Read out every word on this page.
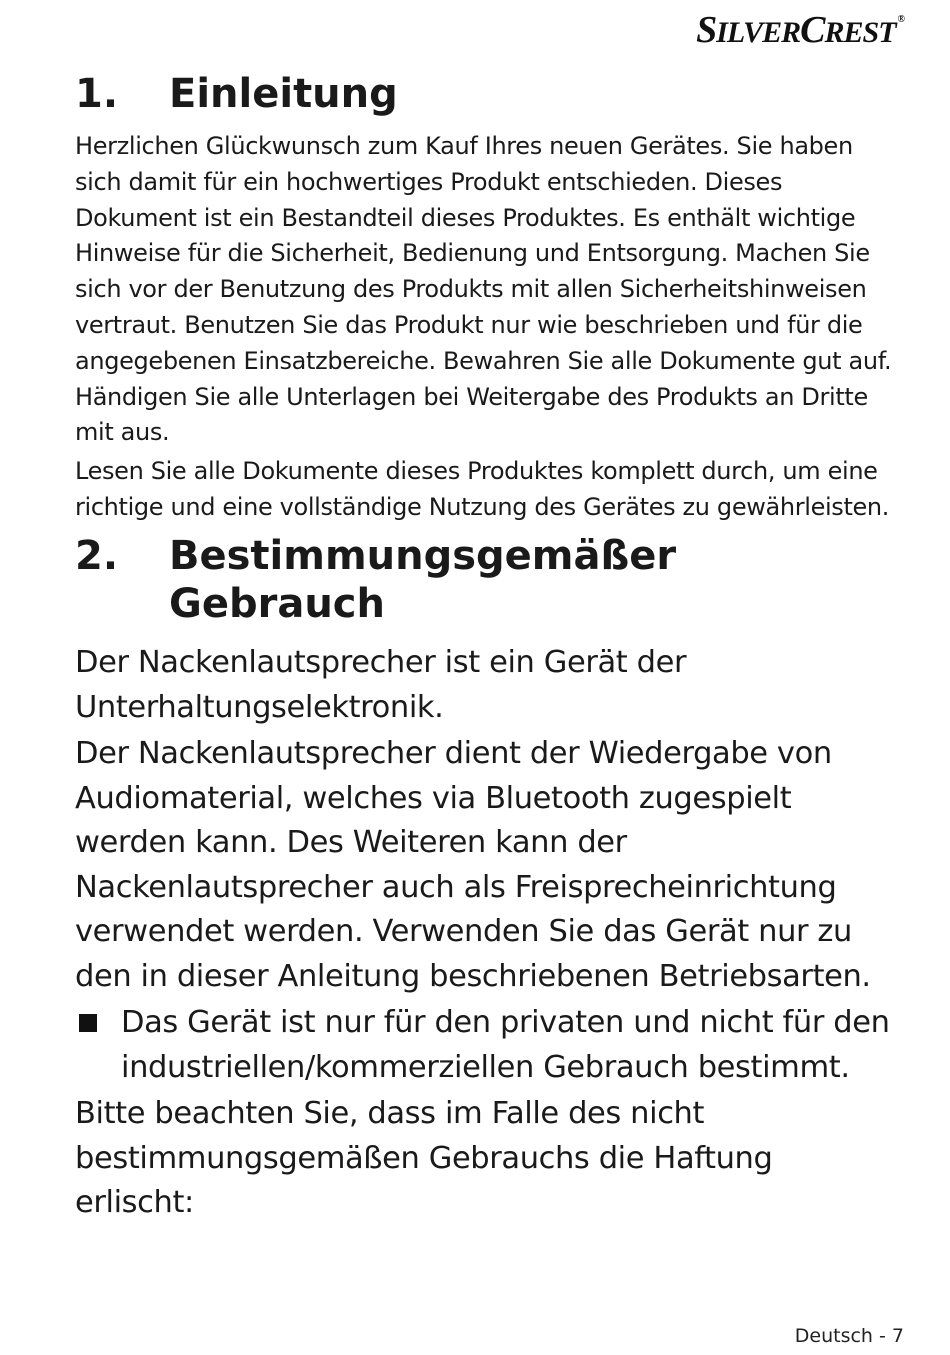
SILVERCREST ®
1.	Einleitung

Herzlichen Glückwunsch zum Kauf Ihres neuen Gerätes. Sie haben sich damit für ein hochwertiges Produkt entschieden. Dieses Dokument ist ein Bestandteil dieses Produktes. Es enthält wichtige Hinweise für die Sicherheit, Bedienung und Entsorgung. Machen Sie sich vor der Benutzung des Produkts mit allen Sicherheitshinweisen vertraut. Benutzen Sie das Produkt nur wie beschrieben und für die angegebenen Einsatzbereiche. Bewahren Sie alle Dokumente gut auf. Händigen Sie alle Unterlagen bei Weitergabe des Produkts an Dritte mit aus.

Lesen Sie alle Dokumente dieses Produktes komplett durch, um eine richtige und eine vollständige Nutzung des Gerätes zu gewährleisten.

2.	Bestimmungsgemäßer Gebrauch

Der Nackenlautsprecher ist ein Gerät der Unterhaltungselektronik.

Der Nackenlautsprecher dient der Wiedergabe von Audiomaterial, welches via Bluetooth zugespielt werden kann. Des Weiteren kann der Nackenlautsprecher auch als Freisprecheinrichtung verwendet werden. Verwenden Sie das Gerät nur zu den in dieser Anleitung beschriebenen Betriebsarten.

Das Gerät ist nur für den privaten und nicht für den industriellen/kommerziellen Gebrauch bestimmt.

Bitte beachten Sie, dass im Falle des nicht bestimmungsgemäßen Gebrauchs die Haftung erlischt:

Deutsch - 7
